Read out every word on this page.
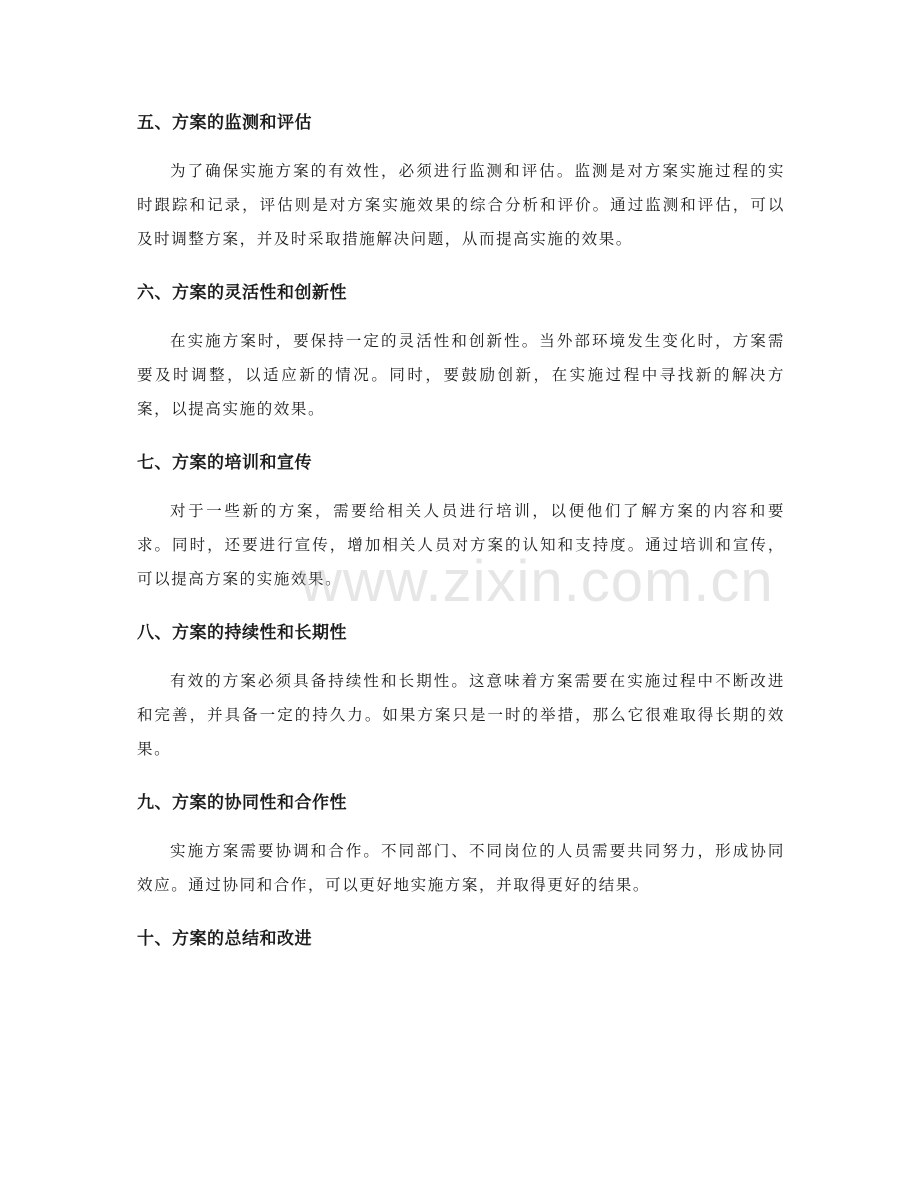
五、方案的监测和评估

为了确保实施方案的有效性，必须进行监测和评估。监测是对方案实施过程的实时跟踪和记录，评估则是对方案实施效果的综合分析和评价。通过监测和评估，可以及时调整方案，并及时采取措施解决问题，从而提高实施的效果。

六、方案的灵活性和创新性

在实施方案时，要保持一定的灵活性和创新性。当外部环境发生变化时，方案需要及时调整，以适应新的情况。同时，要鼓励创新，在实施过程中寻找新的解决方案，以提高实施的效果。

七、方案的培训和宣传

对于一些新的方案，需要给相关人员进行培训，以便他们了解方案的内容和要求。同时，还要进行宣传，增加相关人员对方案的认知和支持度。通过培训和宣传，可以提高方案的实施效果。

八、方案的持续性和长期性

有效的方案必须具备持续性和长期性。这意味着方案需要在实施过程中不断改进和完善，并具备一定的持久力。如果方案只是一时的举措，那么它很难取得长期的效果。

九、方案的协同性和合作性

实施方案需要协调和合作。不同部门、不同岗位的人员需要共同努力，形成协同效应。通过协同和合作，可以更好地实施方案，并取得更好的结果。

十、方案的总结和改进
www.zixin.com.cn
